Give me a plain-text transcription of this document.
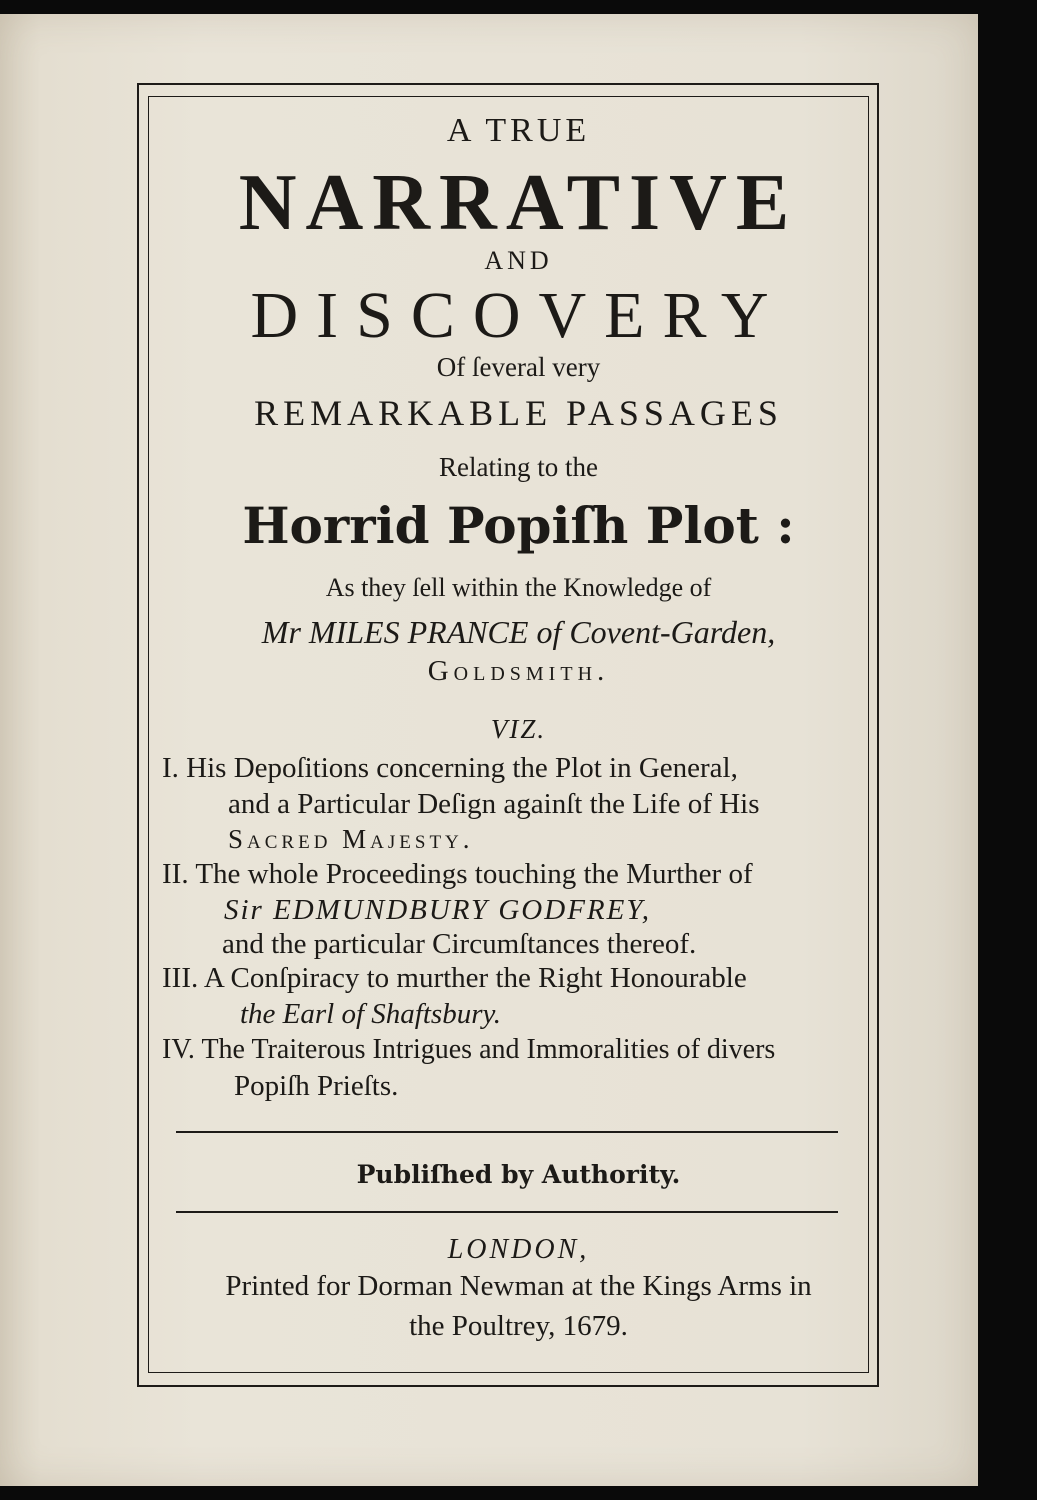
A TRUE
NARRATIVE
AND
DISCOVERY
Of ſeveral very
REMARKABLE PASSAGES
Relating to the
Horrid Popiſh Plot :
As they ſell within the Knowledge of
Mr MILES PRANCE of Covent-Garden,
Goldsmith.
VIZ.
I. His Depoſitions concerning the Plot in General,
and a Particular Deſign againſt the Life of His
Sacred Majesty.
II. The whole Proceedings touching the Murther of
Sir EDMUNDBURY GODFREY,
and the particular Circumſtances thereof.
III. A Conſpiracy to murther the Right Honourable
the Earl of Shaftsbury.
IV. The Traiterous Intrigues and Immoralities of divers
Popiſh Prieſts.
Publiſhed by Authority.
LONDON,
Printed for Dorman Newman at the Kings Arms in
the Poultrey, 1679.
